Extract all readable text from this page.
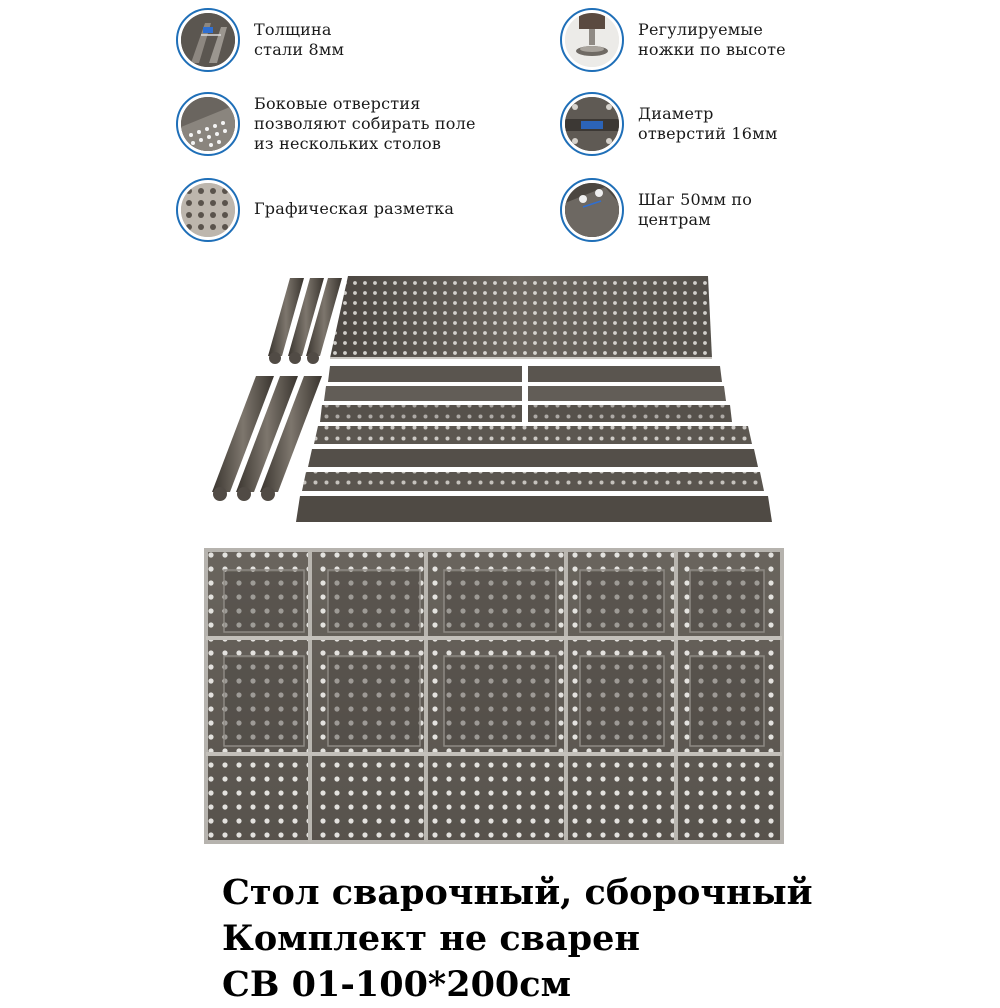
Толщина
стали 8мм
Боковые отверстия
позволяют собирать поле
из нескольких столов
Графическая разметка
Регулируемые
ножки по высоте
Диаметр
отверстий 16мм
Шаг 50мм по
центрам
Стол сварочный, сборочный
Комплект не сварен
СВ 01-100*200см
